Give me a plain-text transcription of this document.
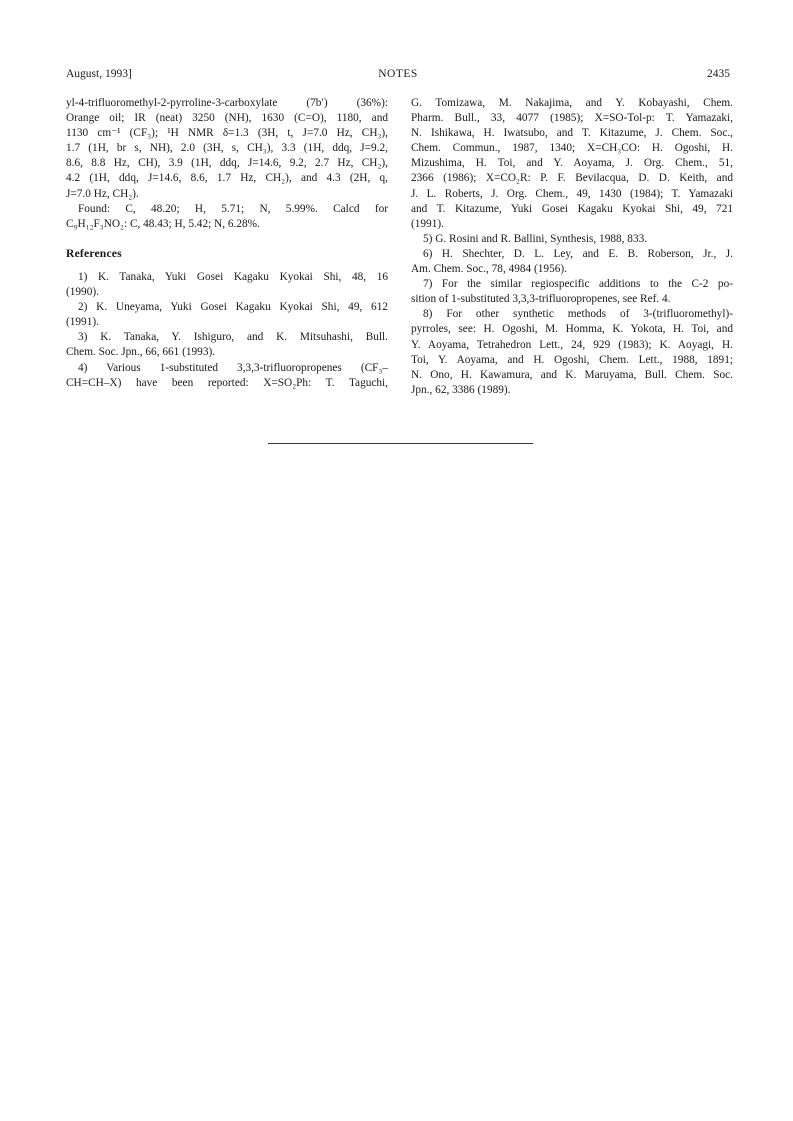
August, 1993]	NOTES	2435
yl-4-trifluoromethyl-2-pyrroline-3-carboxylate (7b′) (36%):
Orange oil; IR (neat) 3250 (NH), 1630 (C=O), 1180, and
1130 cm⁻¹ (CF₃); ¹H NMR δ=1.3 (3H, t, J=7.0 Hz, CH₃),
1.7 (1H, br s, NH), 2.0 (3H, s, CH₃), 3.3 (1H, ddq, J=9.2,
8.6, 8.8 Hz, CH), 3.9 (1H, ddq, J=14.6, 9.2, 2.7 Hz, CH₂),
4.2 (1H, ddq, J=14.6, 8.6, 1.7 Hz, CH₂), and 4.3 (2H, q,
J=7.0 Hz, CH₂).
Found: C, 48.20; H, 5.71; N, 5.99%. Calcd for
C₉H₁₂F₃NO₂: C, 48.43; H, 5.42; N, 6.28%.
References
1) K. Tanaka, Yuki Gosei Kagaku Kyokai Shi, 48, 16
(1990).
2) K. Uneyama, Yuki Gosei Kagaku Kyokai Shi, 49, 612
(1991).
3) K. Tanaka, Y. Ishiguro, and K. Mitsuhashi, Bull.
Chem. Soc. Jpn., 66, 661 (1993).
4) Various 1-substituted 3,3,3-trifluoropropenes (CF₃–
CH=CH–X) have been reported: X=SO₂Ph: T. Taguchi,
G. Tomizawa, M. Nakajima, and Y. Kobayashi, Chem.
Pharm. Bull., 33, 4077 (1985); X=SO-Tol-p: T. Yamazaki,
N. Ishikawa, H. Iwatsubo, and T. Kitazume, J. Chem. Soc.,
Chem. Commun., 1987, 1340; X=CH₃CO: H. Ogoshi, H.
Mizushima, H. Toi, and Y. Aoyama, J. Org. Chem., 51,
2366 (1986); X=CO₂R: P. F. Bevilacqua, D. D. Keith, and
J. L. Roberts, J. Org. Chem., 49, 1430 (1984); T. Yamazaki
and T. Kitazume, Yuki Gosei Kagaku Kyokai Shi, 49, 721
(1991).
5) G. Rosini and R. Ballini, Synthesis, 1988, 833.
6) H. Shechter, D. L. Ley, and E. B. Roberson, Jr., J.
Am. Chem. Soc., 78, 4984 (1956).
7) For the similar regiospecific additions to the C-2 po-
sition of 1-substituted 3,3,3-trifluoropropenes, see Ref. 4.
8) For other synthetic methods of 3-(trifluoromethyl)-
pyrroles, see: H. Ogoshi, M. Homma, K. Yokota, H. Toi, and
Y. Aoyama, Tetrahedron Lett., 24, 929 (1983); K. Aoyagi, H.
Toi, Y. Aoyama, and H. Ogoshi, Chem. Lett., 1988, 1891;
N. Ono, H. Kawamura, and K. Maruyama, Bull. Chem. Soc.
Jpn., 62, 3386 (1989).
